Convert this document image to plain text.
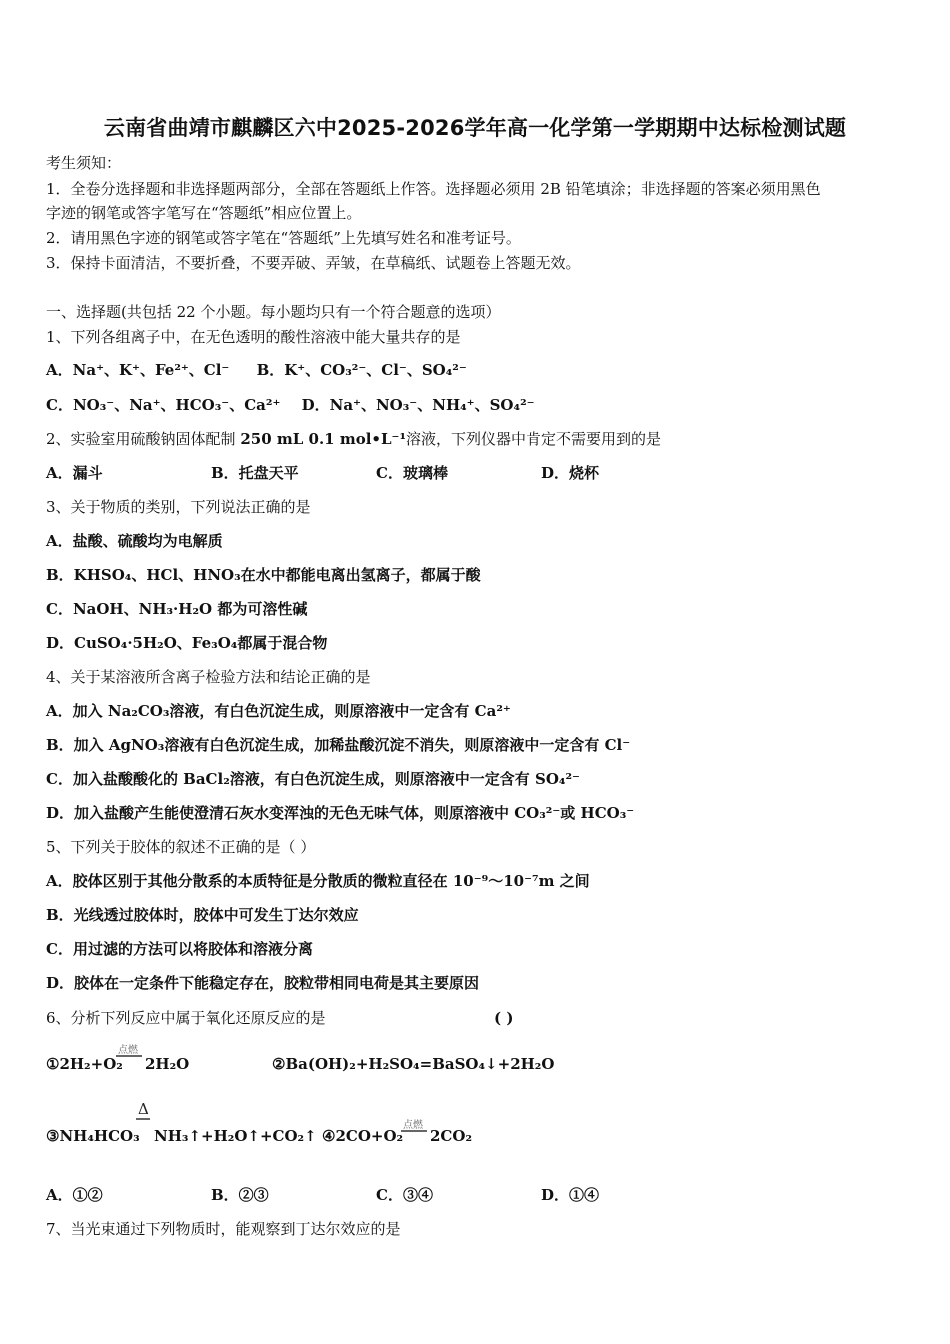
云南省曲靖市麒麟区六中2025-2026学年高一化学第一学期期中达标检测试题
考生须知：
1．全卷分选择题和非选择题两部分，全部在答题纸上作答。选择题必须用 2B 铅笔填涂；非选择题的答案必须用黑色
字迹的钢笔或答字笔写在“答题纸”相应位置上。
2．请用黑色字迹的钢笔或答字笔在“答题纸”上先填写姓名和准考证号。
3．保持卡面清洁，不要折叠，不要弄破、弄皱，在草稿纸、试题卷上答题无效。
一、选择题(共包括 22 个小题。每小题均只有一个符合题意的选项）
1、下列各组离子中，在无色透明的酸性溶液中能大量共存的是
A．Na⁺、K⁺、Fe²⁺、Cl⁻ B．K⁺、CO₃²⁻、Cl⁻、SO₄²⁻
C．NO₃⁻、Na⁺、HCO₃⁻、Ca²⁺ D．Na⁺、NO₃⁻、NH₄⁺、SO₄²⁻
2、实验室用硫酸钠固体配制 250 mL 0.1 mol•L⁻¹溶液，下列仪器中肯定不需要用到的是
A．漏斗	B．托盘天平	C．玻璃棒	D．烧杯
3、关于物质的类别，下列说法正确的是
A．盐酸、硫酸均为电解质
B．KHSO₄、HCl、HNO₃在水中都能电离出氢离子，都属于酸
C．NaOH、NH₃·H₂O 都为可溶性碱
D．CuSO₄·5H₂O、Fe₃O₄都属于混合物
4、关于某溶液所含离子检验方法和结论正确的是
A．加入 Na₂CO₃溶液，有白色沉淀生成，则原溶液中一定含有 Ca²⁺
B．加入 AgNO₃溶液有白色沉淀生成，加稀盐酸沉淀不消失，则原溶液中一定含有 Cl⁻
C．加入盐酸酸化的 BaCl₂溶液，有白色沉淀生成，则原溶液中一定含有 SO₄²⁻
D．加入盐酸产生能使澄清石灰水变浑浊的无色无味气体，则原溶液中 CO₃²⁻或 HCO₃⁻
5、下列关于胶体的叙述不正确的是（ ）
A．胶体区别于其他分散系的本质特征是分散质的微粒直径在 10⁻⁹～10⁻⁷m 之间
B．光线透过胶体时，胶体中可发生丁达尔效应
C．用过滤的方法可以将胶体和溶液分离
D．胶体在一定条件下能稳定存在，胶粒带相同电荷是其主要原因
6、分析下列反应中属于氧化还原反应的是	( )
①2H₂+O₂
点燃
2H₂O	②Ba(OH)₂+H₂SO₄=BaSO₄↓+2H₂O
③NH₄HCO₃
Δ
NH₃↑+H₂O↑+CO₂↑ ④2CO+O₂
点燃
2CO₂
A．①②	B．②③	C．③④	D．①④
7、当光束通过下列物质时，能观察到丁达尔效应的是
